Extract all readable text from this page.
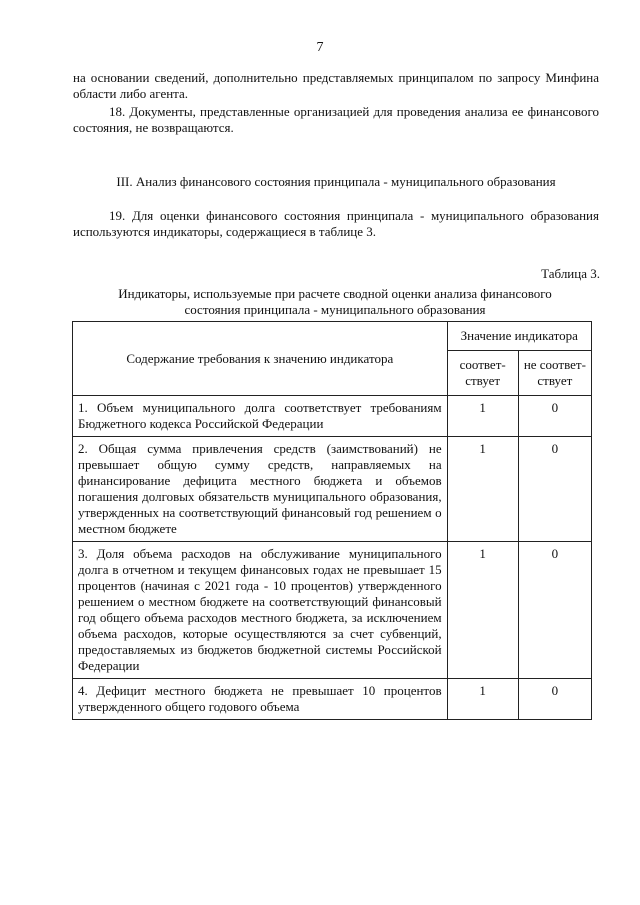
7
на основании сведений, дополнительно представляемых принципалом по запросу Минфина области либо агента.
18. Документы, представленные организацией для проведения анализа ее финансового состояния, не возвращаются.
III. Анализ финансового состояния принципала - муниципального образования
19. Для оценки финансового состояния принципала - муниципального образования используются индикаторы, содержащиеся в таблице 3.
Таблица 3.
Индикаторы, используемые при расчете сводной оценки анализа финансового состояния принципала - муниципального образования
Содержание требования к значению индикатора	Значение индикатора	
	соответ-ствует	не соответ-ствует
1. Объем муниципального долга соответствует требованиям Бюджетного кодекса Российской Федерации	1	0
2. Общая сумма привлечения средств (заимствований) не превышает общую сумму средств, направляемых на финансирование дефицита местного бюджета и объемов погашения долговых обязательств муниципального образования, утвержденных на соответствующий финансовый год решением о местном бюджете	1	0
3. Доля объема расходов на обслуживание муниципального долга в отчетном и текущем финансовых годах не превышает 15 процентов (начиная с 2021 года - 10 процентов) утвержденного решением о местном бюджете на соответствующий финансовый год общего объема расходов местного бюджета, за исключением объема расходов, которые осуществляются за счет субвенций, предоставляемых из бюджетов бюджетной системы Российской Федерации	1	0
4. Дефицит местного бюджета не превышает 10 процентов утвержденного общего годового объема	1	0
